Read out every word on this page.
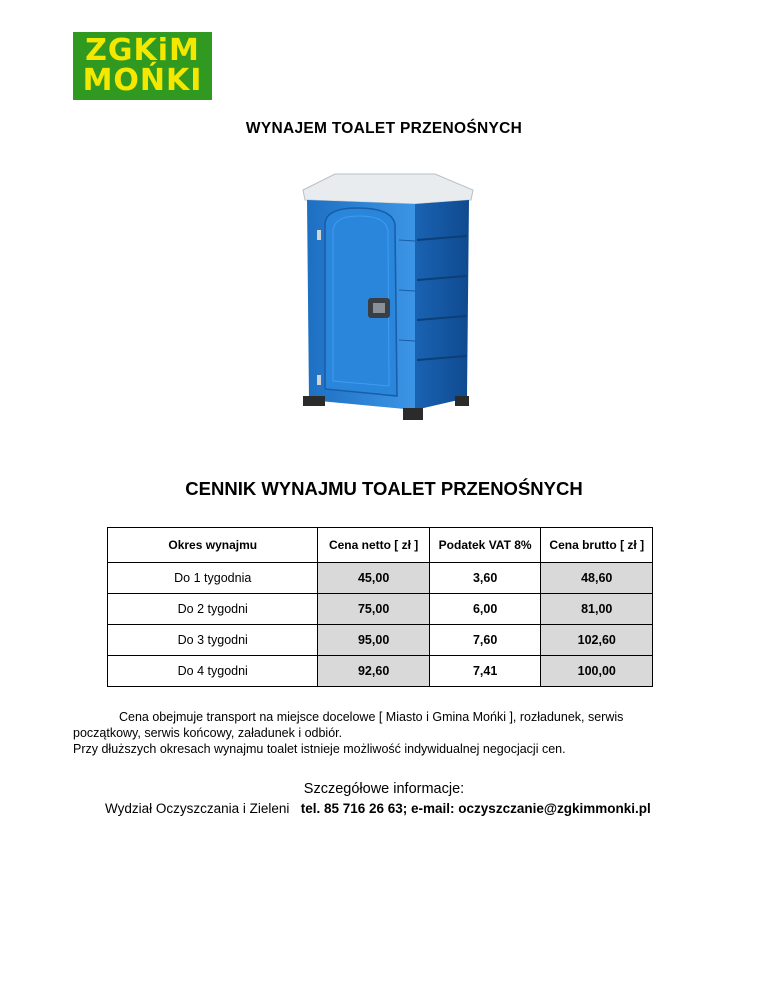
ZGKiM
MOŃKI
WYNAJEM TOALET PRZENOŚNYCH
CENNIK WYNAJMU TOALET PRZENOŚNYCH
Okres wynajmu	Cena netto [ zł ]	Podatek VAT 8%	Cena brutto [ zł ]
Do 1 tygodnia	45,00	3,60	48,60
Do 2 tygodni	75,00	6,00	81,00
Do 3 tygodni	95,00	7,60	102,60
Do 4 tygodni	92,60	7,41	100,00
Cena obejmuje transport na miejsce docelowe [ Miasto i Gmina Mońki ], rozładunek, serwis
początkowy, serwis końcowy, załadunek i odbiór.
Przy dłuższych okresach wynajmu toalet istnieje możliwość indywidualnej negocjacji cen.
Szczegółowe informacje:
Wydział Oczyszczania i Zieleni tel. 85 716 26 63; e-mail: oczyszczanie@zgkimmonki.pl
